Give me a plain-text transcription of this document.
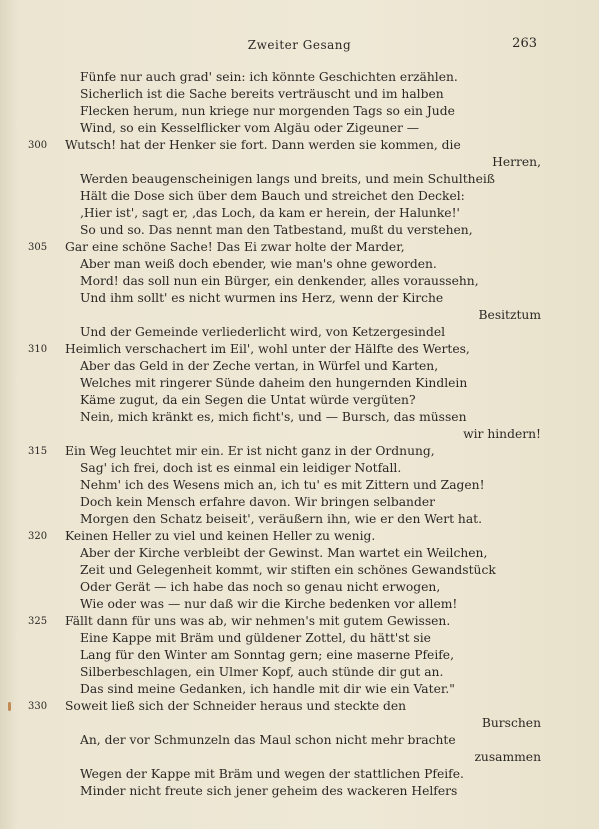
Zweiter Gesang	263
Fünfe nur auch grad' sein: ich könnte Geschichten erzählen.
Sicherlich ist die Sache bereits verträuscht und im halben
Flecken herum, nun kriege nur morgenden Tags so ein Jude
Wind, so ein Kesselflicker vom Algäu oder Zigeuner —
300 Wutsch! hat der Henker sie fort. Dann werden sie kommen, die
Herren,
Werden beaugenscheinigen langs und breits, und mein Schultheiß
Hält die Dose sich über dem Bauch und streichet den Deckel:
‚Hier ist', sagt er, ‚das Loch, da kam er herein, der Halunke!'
So und so. Das nennt man den Tatbestand, mußt du verstehen,
305 Gar eine schöne Sache! Das Ei zwar holte der Marder,
Aber man weiß doch ebender, wie man's ohne geworden.
Mord! das soll nun ein Bürger, ein denkender, alles voraussehn,
Und ihm sollt' es nicht wurmen ins Herz, wenn der Kirche
Besitztum
Und der Gemeinde verliederlicht wird, von Ketzergesindel
310 Heimlich verschachert im Eil', wohl unter der Hälfte des Wertes,
Aber das Geld in der Zeche vertan, in Würfel und Karten,
Welches mit ringerer Sünde daheim den hungernden Kindlein
Käme zugut, da ein Segen die Untat würde vergüten?
Nein, mich kränkt es, mich ficht's, und — Bursch, das müssen
wir hindern!
315 Ein Weg leuchtet mir ein. Er ist nicht ganz in der Ordnung,
Sag' ich frei, doch ist es einmal ein leidiger Notfall.
Nehm' ich des Wesens mich an, ich tu' es mit Zittern und Zagen!
Doch kein Mensch erfahre davon. Wir bringen selbander
Morgen den Schatz beiseit', veräußern ihn, wie er den Wert hat.
320 Keinen Heller zu viel und keinen Heller zu wenig.
Aber der Kirche verbleibt der Gewinst. Man wartet ein Weilchen,
Zeit und Gelegenheit kommt, wir stiften ein schönes Gewandstück
Oder Gerät — ich habe das noch so genau nicht erwogen,
Wie oder was — nur daß wir die Kirche bedenken vor allem!
325 Fällt dann für uns was ab, wir nehmen's mit gutem Gewissen.
Eine Kappe mit Bräm und güldener Zottel, du hätt'st sie
Lang für den Winter am Sonntag gern; eine maserne Pfeife,
Silberbeschlagen, ein Ulmer Kopf, auch stünde dir gut an.
Das sind meine Gedanken, ich handle mit dir wie ein Vater."
330 Soweit ließ sich der Schneider heraus und steckte den
Burschen
An, der vor Schmunzeln das Maul schon nicht mehr brachte
zusammen
Wegen der Kappe mit Bräm und wegen der stattlichen Pfeife.
Minder nicht freute sich jener geheim des wackeren Helfers
